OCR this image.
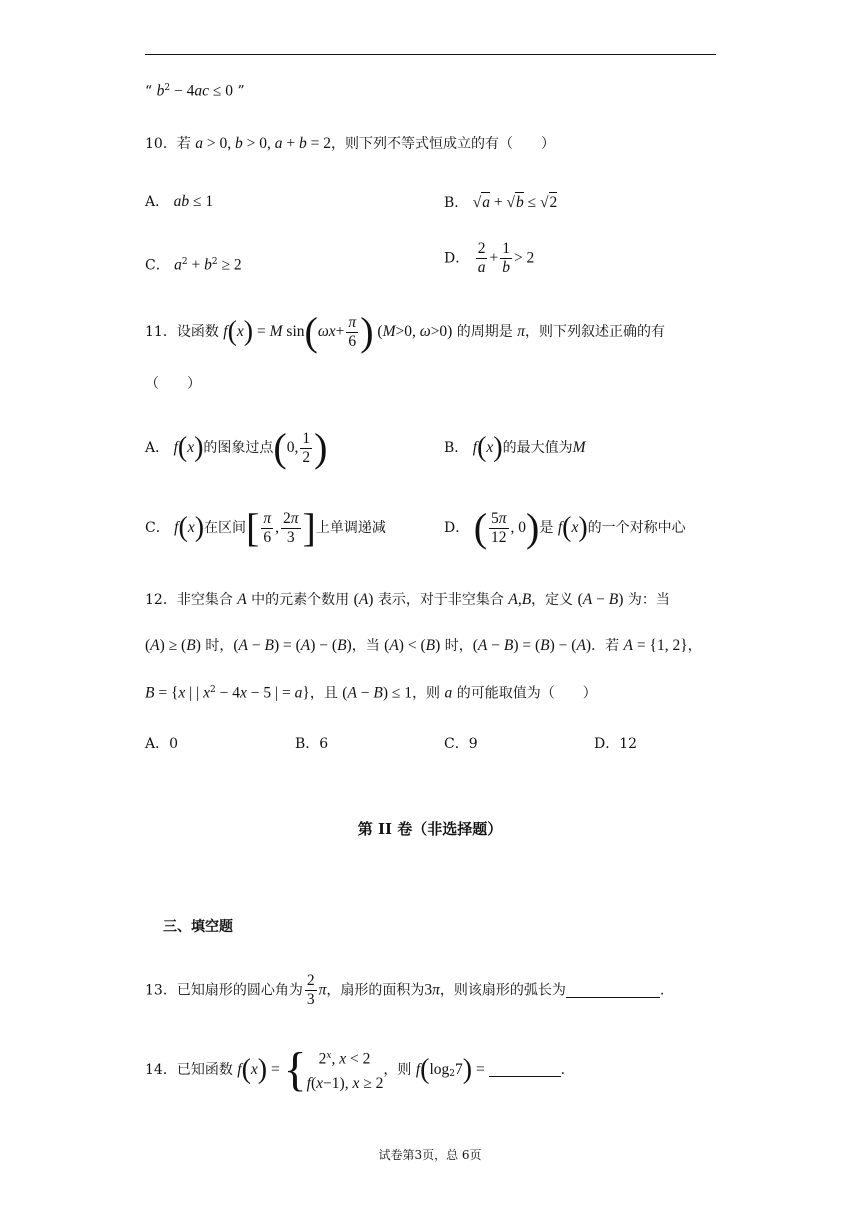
“ $b^2 - 4ac \le 0$ ”
10．若 a > 0, b > 0, a + b = 2，则下列不等式恒成立的有（　　）
A． ab ≤ 1	B． √a + √b ≤ √2
C． $a^2 + b^2 \ge 2$	D． $\frac{2}{a} + \frac{1}{b} > 2$
11．设函数 f(x) = M $\sin(\omega x+ \frac{\pi}{6}$ ) (M>0, ω>0) 的周期是 π，则下列叙述正确的有
（　　）
A． f(x)的图象过点(0, $\frac{1}{2}$ )	B． f(x)的最大值为M
C． f(x)在区间[ $\frac{\pi}{6}$ , $\frac{2\pi}{3}$ ]上单调递减	D． ( $\frac{5\pi}{12}$ , 0)是 f(x)的一个对称中心
12．非空集合 A 中的元素个数用 (A) 表示，对于非空集合 A,B，定义 (A − B) 为：当
(A) ≥ (B) 时，(A − B) = (A) − (B)，当 (A) < (B) 时，(A − B) = (B) − (A)．若 A = {1, 2}，
B = {x | | $x^2 - 4x - 5$ | = a}，且 (A − B) ≤ 1，则 a 的可能取值为（　　）
A．0	B．6	C．9	D．12
第 II 卷（非选择题）
三、填空题
13．已知扇形的圆心角为 $\frac{2}{3}$ π，扇形的面积为3π，则该扇形的弧长为	.
14．已知函数 f(x) = { 2$^x$, x < 2
f(x−1), x ≥ 2
，则 $f(\log_27)$ =	.
试卷第3页，总 6页
